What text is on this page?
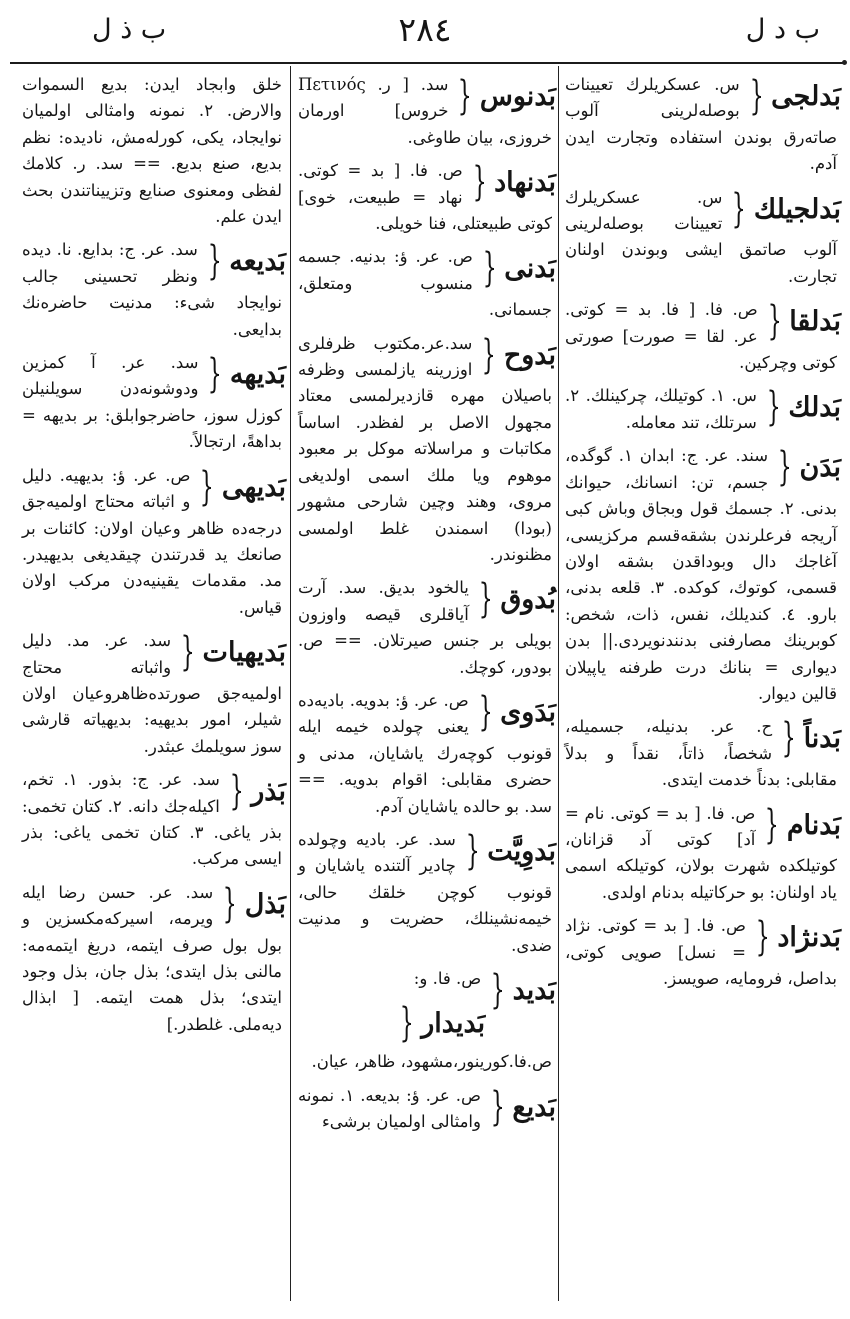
ب د ل
٢٨٤
ب ذ ل
بَدلجی
{
س. عسکریلرك تعیینات بوصلەلرینی آلوب صاتەرق بوندن استفادە وتجارت ایدن آدم.
بَدلجیلك
{
س. عسکریلرك تعیینات بوصلەلرینی آلوب صاتمق ایشی وبوندن اولنان تجارت.
بَدلقا
{
ص. فا. [ فا. بد = کوتی. عر. لقا = صورت] صورتی کوتی وچرکین.
بَدلك
{
س. ١. کوتیلك، چرکینلك. ٢. سرتلك، تند معاملە.
بَدَن
{
سند. عر. ج: ابدان ١. گوگدە، جسم، تن: انسانك، حیوانك بدنی. ٢. جسمك قول وبجاق وباش کبی آریجە فرعلرندن بشقەقسم مرکزیسی، آغاجك دال وبوداقدن بشقە اولان قسمی، کوتوك، کوکدە. ٣. قلعە بدنی، بارو. ٤. کندیلك، نفس، ذات، شخص: کوبرینك مصارفنی بدنندنویردی.|| بدن دیواری = بنانك درت طرفنە یاپیلان قالین دیوار.
بَدناً
{
ح. عر. بدنیلە، جسمیلە، شخصاً، ذاتاً، نقداً و بدلاً مقابلی: بدناً خدمت ایتدی.
بَدنام
{
ص. فا. [ بد = کوتی. نام = آد] کوتی آد قزانان، کوتیلکدە شهرت بولان، کوتیلکە اسمی یاد اولنان: بو حرکاتیلە بدنام اولدی.
بَدنژاد
{
ص. فا. [ بد = کوتی. نژاد = نسل] صویی کوتی، بداصل، فرومایە، صویسز.
بَدنوس
{
سد. [ ر. Πετινός خروس] اورمان خروزی، بیان طاوغی.
بَدنهاد
{
ص. فا. [ بد = کوتی. نهاد = طبیعت، خوی] کوتی طبیعتلی، فنا خویلی.
بَدنی
{
ص. عر. ؤ: بدنیە. جسمە منسوب ومتعلق، جسمانی.
بَدوح
{
سد.عر.مکتوب ظرفلری اوزرینە یازلمسی وظرفە باصیلان مهرە قازدیرلمسی معتاد مجهول الاصل بر لفظدر. اساساً مکاتبات و مراسلاتە موکل بر معبود موهوم ویا ملك اسمی اولدیغی مروی، وهند وچین شارحی مشهور (بودا) اسمندن غلط اولمسی مظنوندر.
بُدوق
{
یالخود بدیق. سد. آرت آیاقلری قیصە واوزون بویلی بر جنس صیرتلان. == ص. بودور، کوچك.
بَدَوی
{
ص. عر. ؤ: بدویە. بادیەدە یعنی چولدە خیمە ایلە قونوب کوچەرك یاشایان، مدنی و حضری مقابلی: اقوام بدویە. == سد. بو حالدە یاشایان آدم.
بَدوِیَّت
{
سد. عر. بادیە وچولدە چادیر آلتندە یاشایان و قونوب کوچن خلقك حالی، خیمەنشینلك، حضریت و مدنیت ضدی.
بَدید
{
ص. فا. و:
بَدیدار
{
ص.فا.کورینور،مشهود، ظاهر، عیان.
بَدیع
{
ص. عر. ؤ: بدیعە. ١. نمونە وامثالی اولمیان برشیء
خلق وابجاد ایدن: بدیع السموات والارض. ٢. نمونە وامثالی اولمیان نوایجاد، یکی، کورلەمش، نادیدە: نظم بدیع، صنع بدیع. == سد. ر. کلامك لفظی ومعنوی صنایع وتزییناتندن بحث ایدن علم.
بَدیعە
{
سد. عر. ج: بدایع. نا. دیدە ونظر تحسینی جالب نوایجاد شیء: مدنیت حاضرەنك بدایعی.
بَدیهە
{
سد. عر. آ کمزین ودوشونەدن سویلنیلن کوزل سوز، حاضرجوابلق: بر بدیهە = بداهةً، ارتجالاً.
بَدیهی
{
ص. عر. ؤ: بدیهیە. دلیل و اثباتە محتاج اولمیەجق درجەدە ظاهر وعیان اولان: کائنات بر صانعك ید قدرتندن چیقدیغی بدیهیدر. مد. مقدمات یقینیەدن مرکب اولان قیاس.
بَدیهیات
{
سد. عر. مد. دلیل واثباتە محتاج اولمیەجق صورتدەظاهروعیان اولان شیلر، امور بدیهیە: بدیهیاتە قارشی سوز سویلمك عبثدر.
بَذر
{
سد. عر. ج: بذور. ١. تخم، اکیلەجك دانە. ٢. کتان تخمی: بذر یاغی. ٣. کتان تخمی یاغی: بذر ایسی مرکب.
بَذل
{
سد. عر. حسن رضا ایلە ویرمە، اسیرکەمکسزین و بول بول صرف ایتمە، دریغ ایتمەمە: مالنی بذل ایتدی؛ بذل جان، بذل وجود ایتدی؛ بذل همت ایتمە. [ ابذال دیەملی. غلطدر.]
